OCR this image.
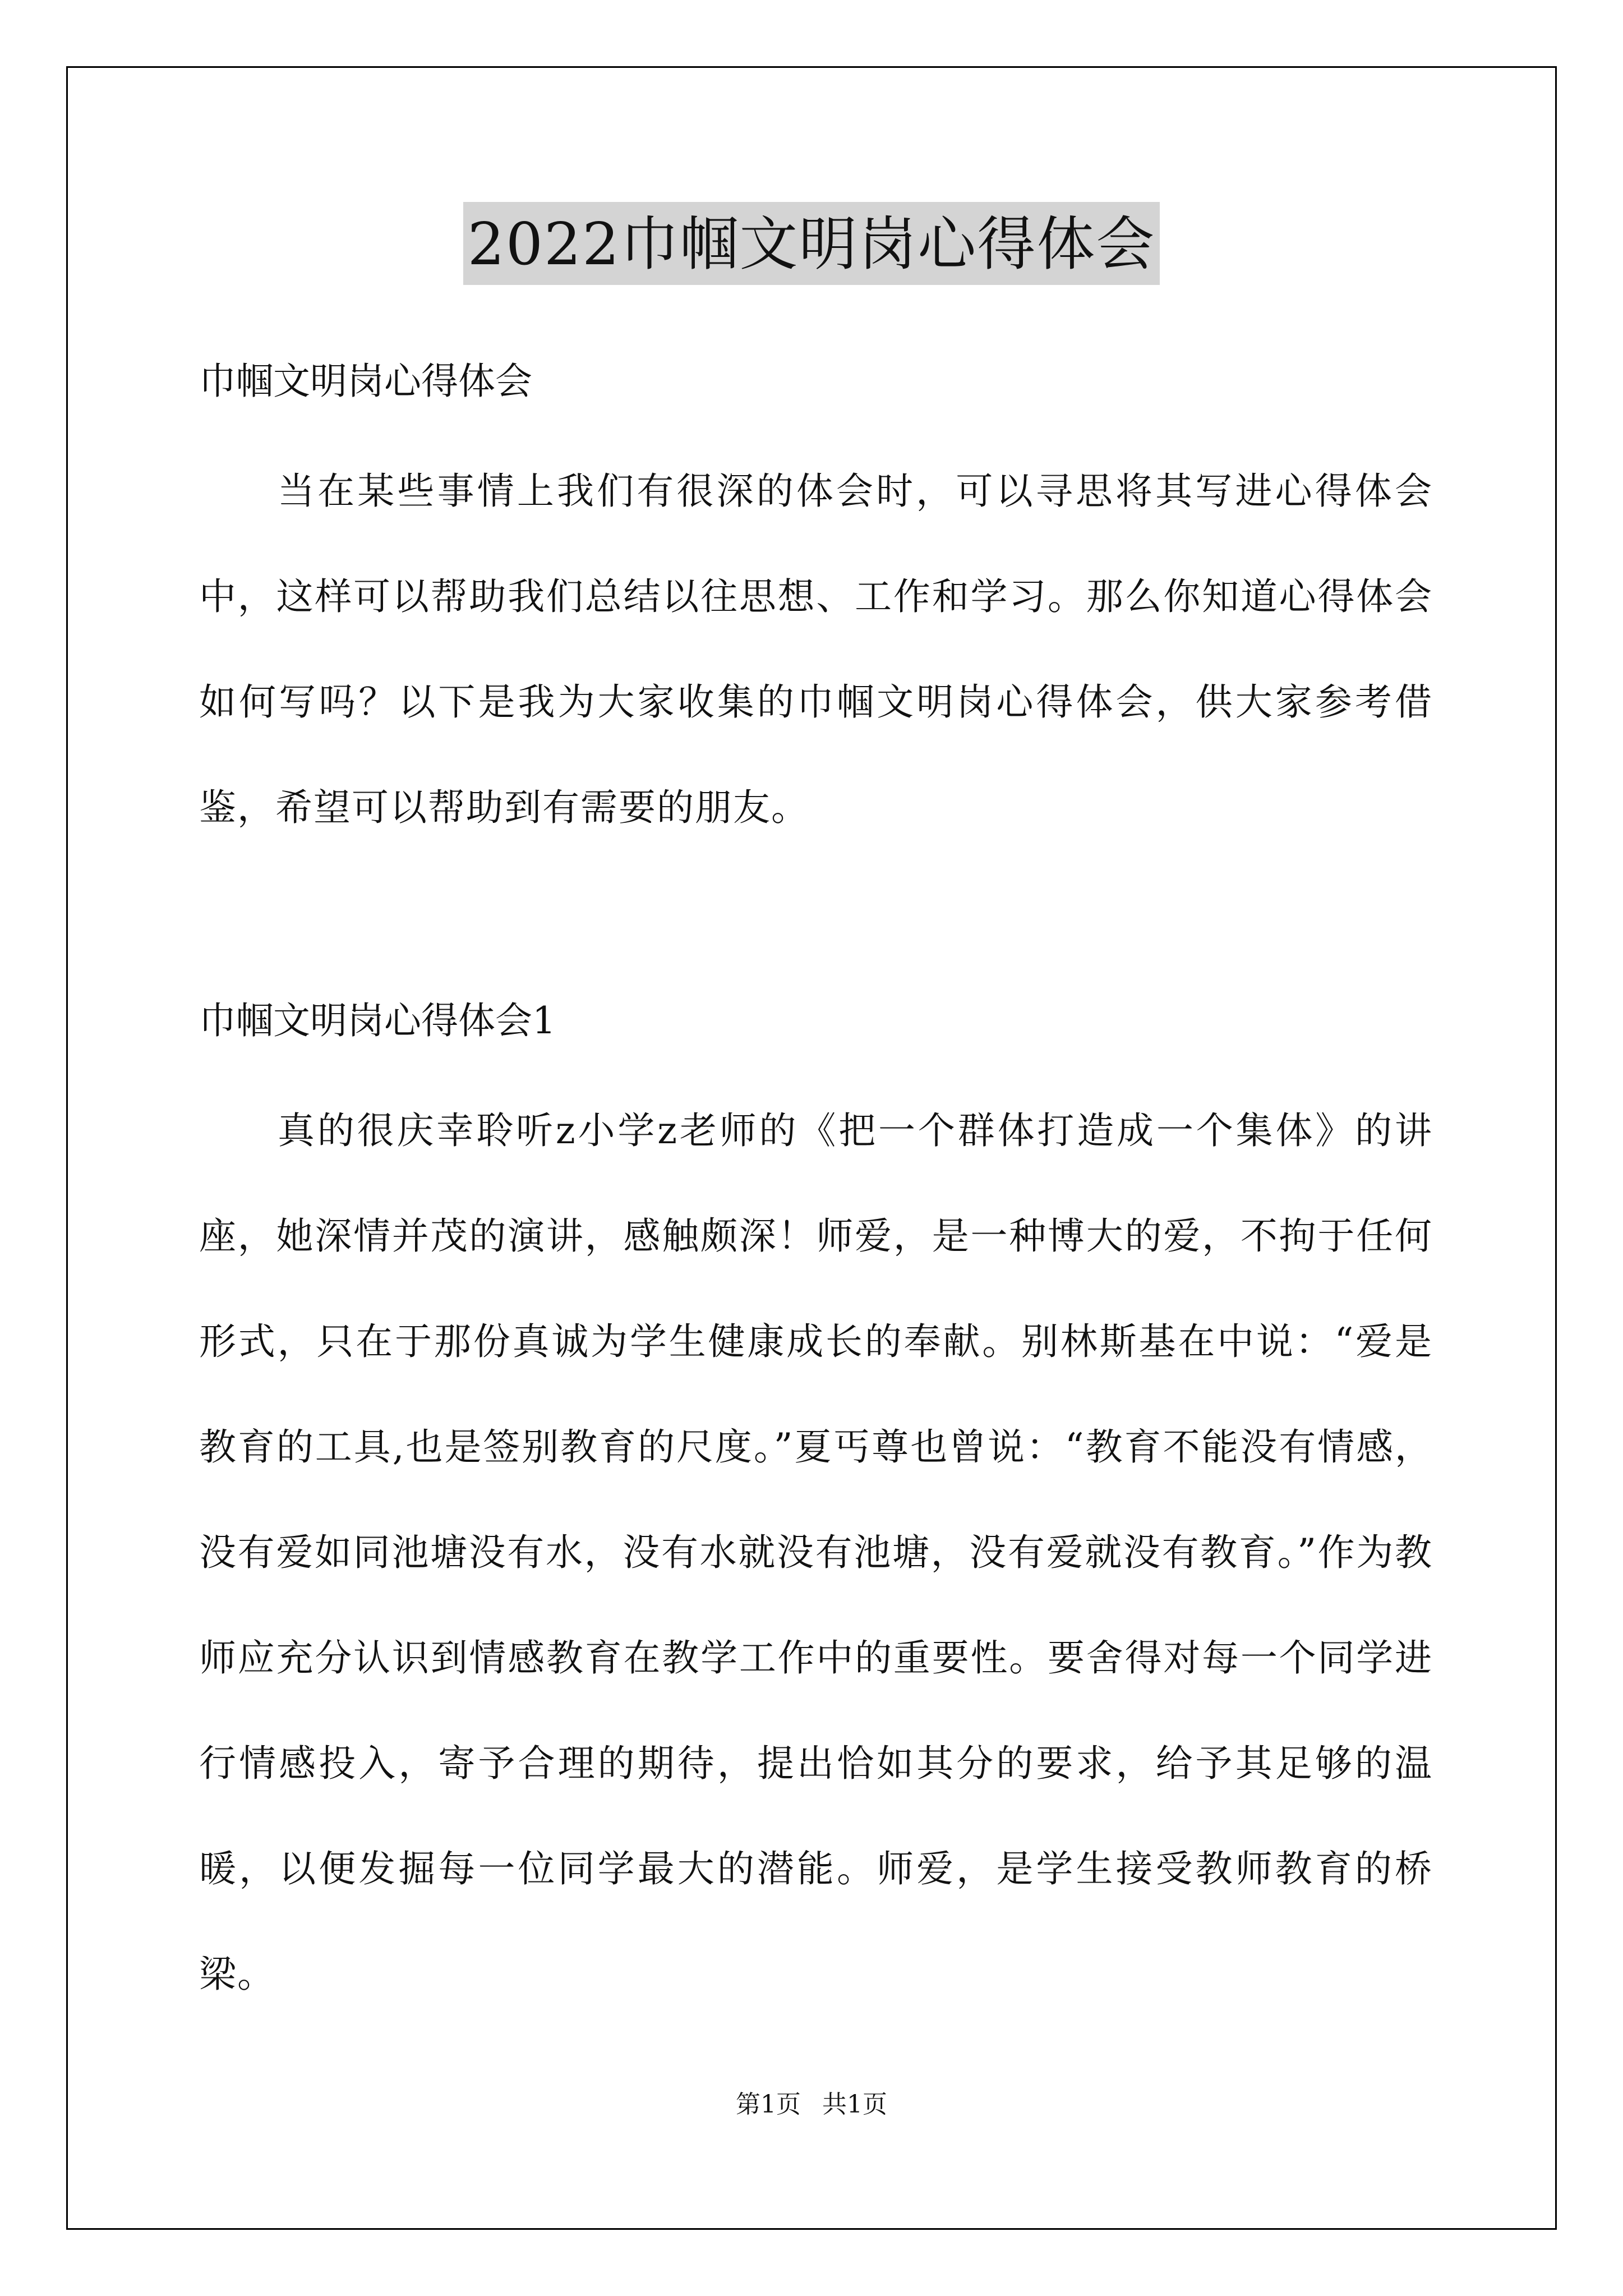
2022巾帼文明岗心得体会
巾帼文明岗心得体会
当在某些事情上我们有很深的体会时，可以寻思将其写进心得体会中，这样可以帮助我们总结以往思想、工作和学习。那么你知道心得体会如何写吗？以下是我为大家收集的巾帼文明岗心得体会，供大家参考借鉴，希望可以帮助到有需要的朋友。
巾帼文明岗心得体会1
真的很庆幸聆听z小学z老师的《把一个群体打造成一个集体》的讲座，她深情并茂的演讲，感触颇深！师爱，是一种博大的爱，不拘于任何形式，只在于那份真诚为学生健康成长的奉献。别林斯基在中说：“爱是教育的工具,也是签别教育的尺度。”夏丐尊也曾说：“教育不能没有情感，没有爱如同池塘没有水，没有水就没有池塘，没有爱就没有教育。”作为教师应充分认识到情感教育在教学工作中的重要性。要舍得对每一个同学进行情感投入，寄予合理的期待，提出恰如其分的要求，给予其足够的温暖，以便发掘每一位同学最大的潜能。师爱，是学生接受教师教育的桥梁。
第1页 共1页
